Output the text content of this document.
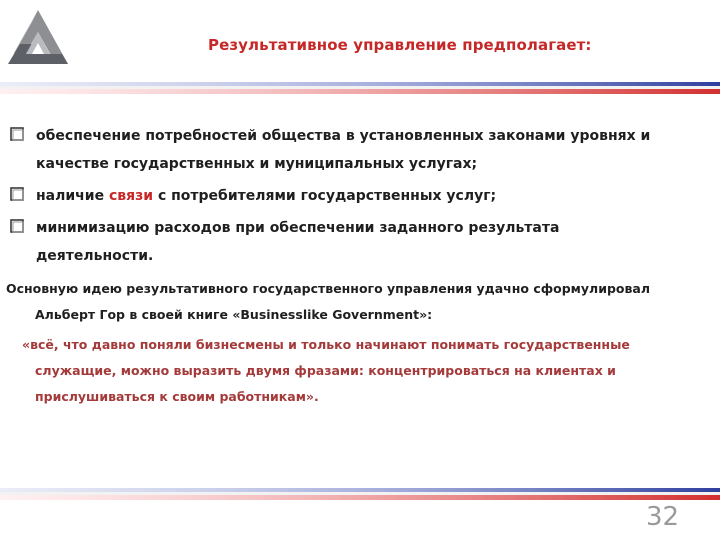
Результативное управление предполагает:
обеспечение потребностей общества в установленных законами уровнях и
качестве государственных и муниципальных услугах;
наличие связи с потребителями государственных услуг;
минимизацию расходов при обеспечении заданного результата
деятельности.
Основную идею результативного государственного управления удачно сформулировал
Альберт Гор в своей книге «Businesslike Government»:
«всё, что давно поняли бизнесмены и только начинают понимать государственные
служащие, можно выразить двумя фразами: концентрироваться на клиентах и
прислушиваться к своим работникам».
32
